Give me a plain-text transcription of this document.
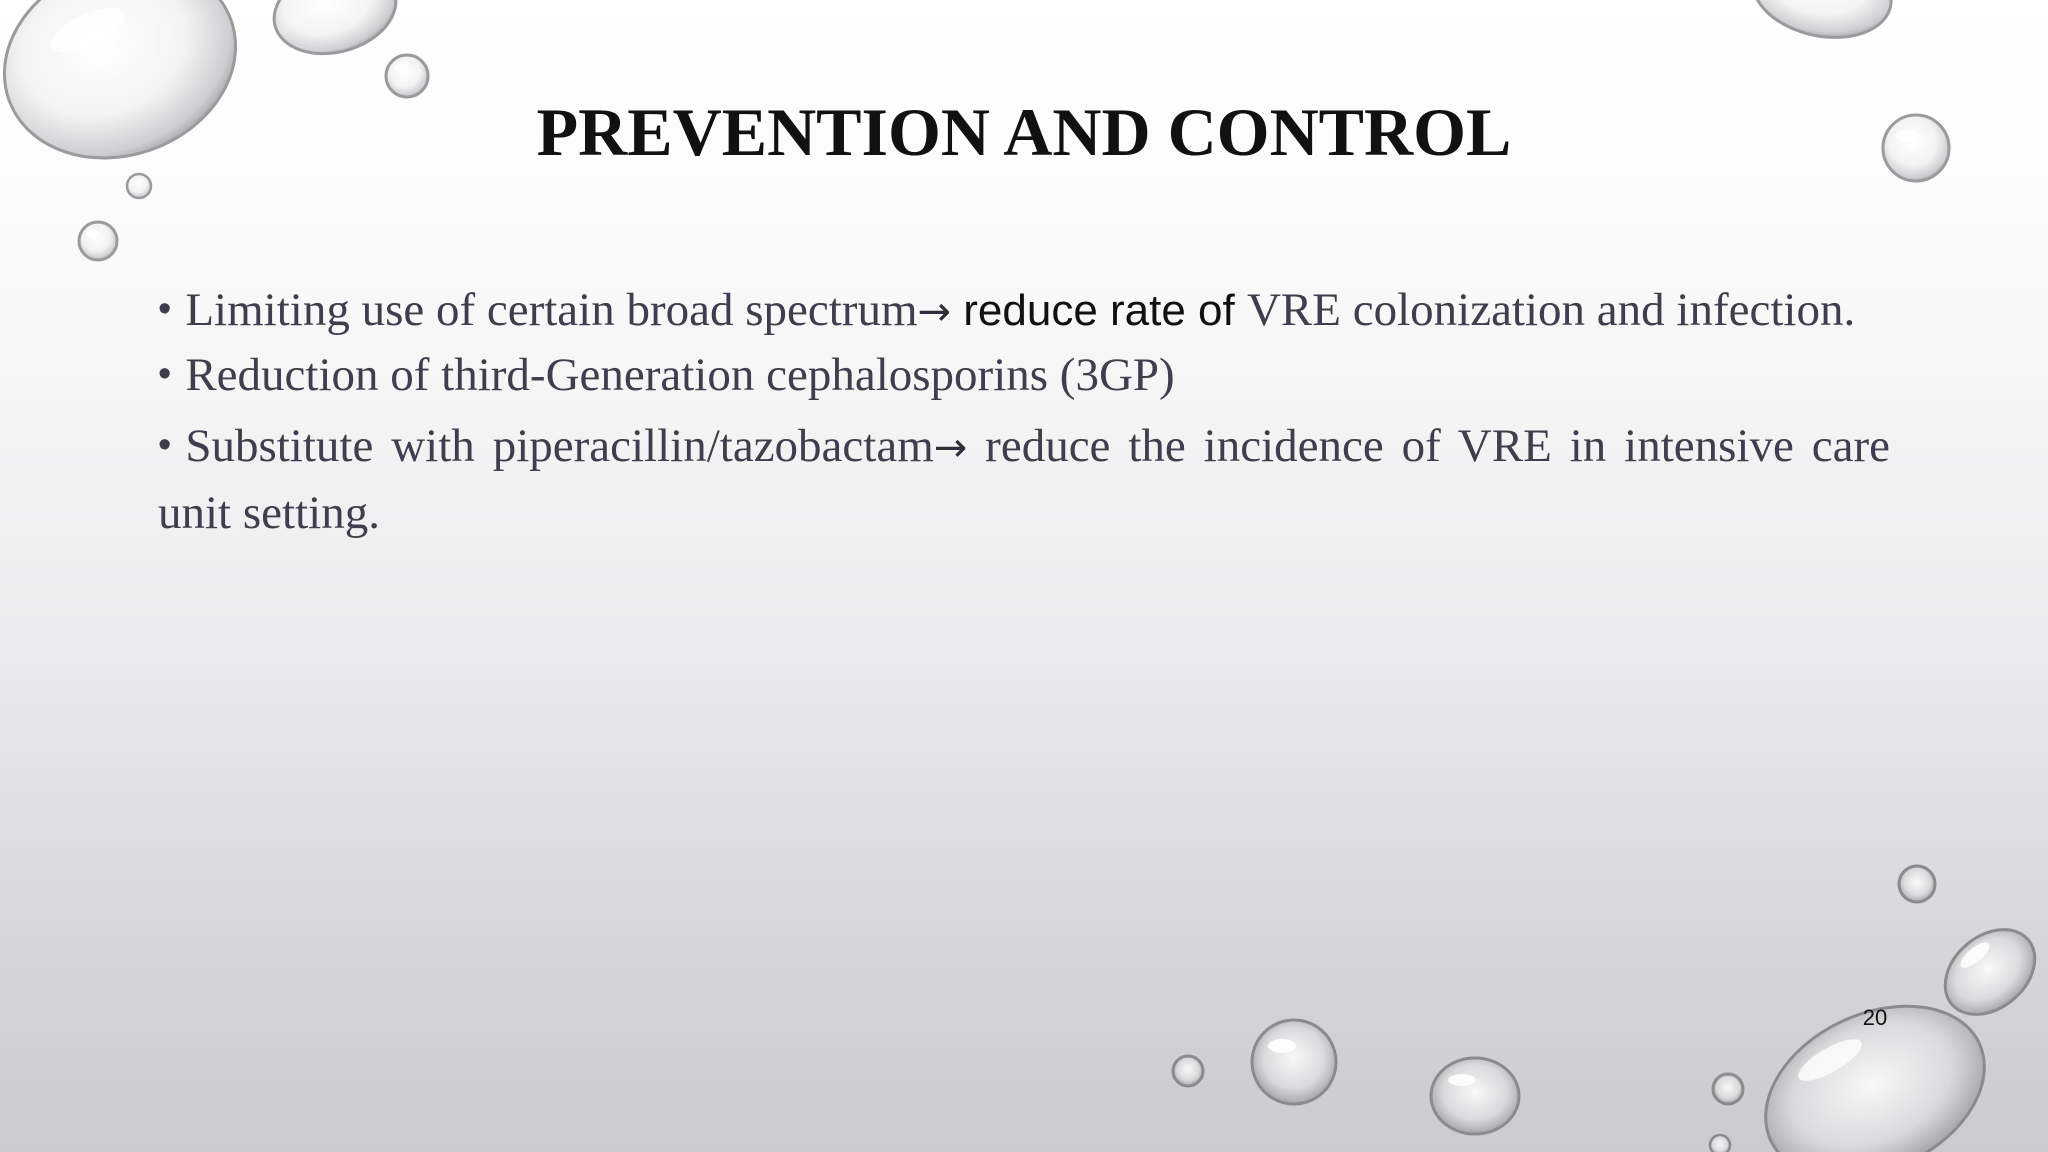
PREVENTION AND CONTROL

• Limiting use of certain broad spectrum→ reduce rate of VRE colonization and infection.

• Reduction of third-Generation cephalosporins (3GP)

• Substitute with piperacillin/tazobactam→ reduce the incidence of VRE in intensive care unit setting.

20
